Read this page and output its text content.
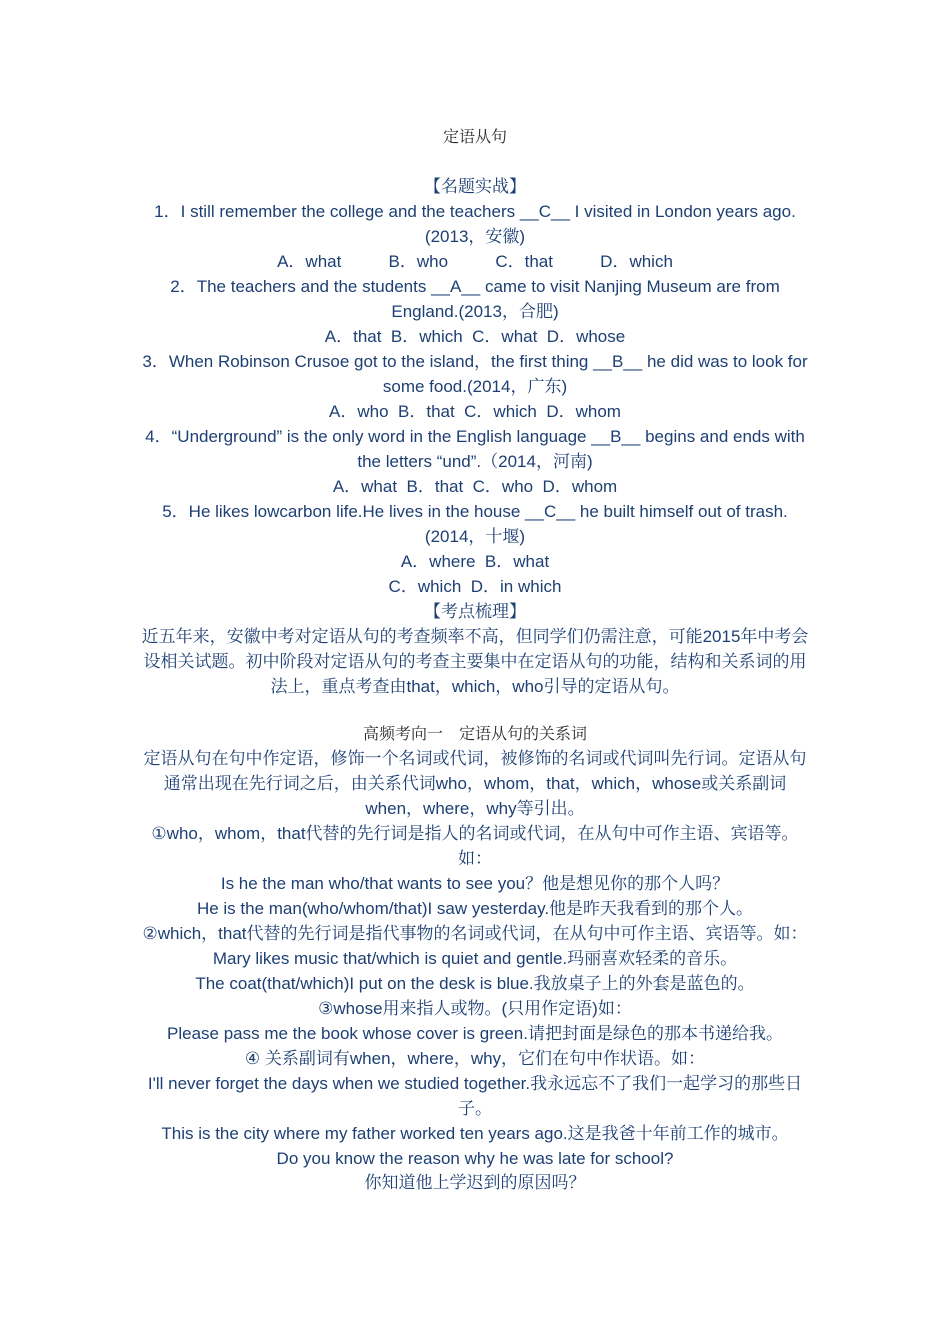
定语从句
【名题实战】
1．I still remember the college and the teachers __C__ I visited in London years ago.(2013，安徽)
A．what          B．who          C．that          D．which
2．The teachers and the students __A__ came to visit Nanjing Museum are from England.(2013，合肥)
A．that  B．which  C．what  D．whose
3．When Robinson Crusoe got to the island，the first thing __B__ he did was to look for some food.(2014，广东)
A．who  B．that  C．which  D．whom
4．“Underground” is the only word in the English language __B__ begins and ends with the letters “und”.（2014，河南)
A．what  B．that  C．who  D．whom
5．He likes lowcarbon life.He lives in the house __C__ he built himself out of trash.(2014，十堰)
A．where  B．what
C．which  D．in which
【考点梳理】
近五年来，安徽中考对定语从句的考查频率不高，但同学们仍需注意，可能2015年中考会设相关试题。初中阶段对定语从句的考查主要集中在定语从句的功能，结构和关系词的用法上，重点考查由that，which，who引导的定语从句。
高频考向一　定语从句的关系词
定语从句在句中作定语，修饰一个名词或代词，被修饰的名词或代词叫先行词。定语从句通常出现在先行词之后，由关系代词who，whom，that，which，whose或关系副词when，where，why等引出。
①who，whom，that代替的先行词是指人的名词或代词，在从句中可作主语、宾语等。如：
Is he the man who/that wants to see you？他是想见你的那个人吗？
He is the man(who/whom/that)I saw yesterday.他是昨天我看到的那个人。
②which，that代替的先行词是指代事物的名词或代词，在从句中可作主语、宾语等。如：
Mary likes music that/which is quiet and gentle.玛丽喜欢轻柔的音乐。
The coat(that/which)I put on the desk is blue.我放桌子上的外套是蓝色的。
③whose用来指人或物。(只用作定语)如：
Please pass me the book whose cover is green.请把封面是绿色的那本书递给我。
④ 关系副词有when，where，why，它们在句中作状语。如：
I'll never forget the days when we studied together.我永远忘不了我们一起学习的那些日子。
This is the city where my father worked ten years ago.这是我爸十年前工作的城市。
Do you know the reason why he was late for school?
你知道他上学迟到的原因吗？
